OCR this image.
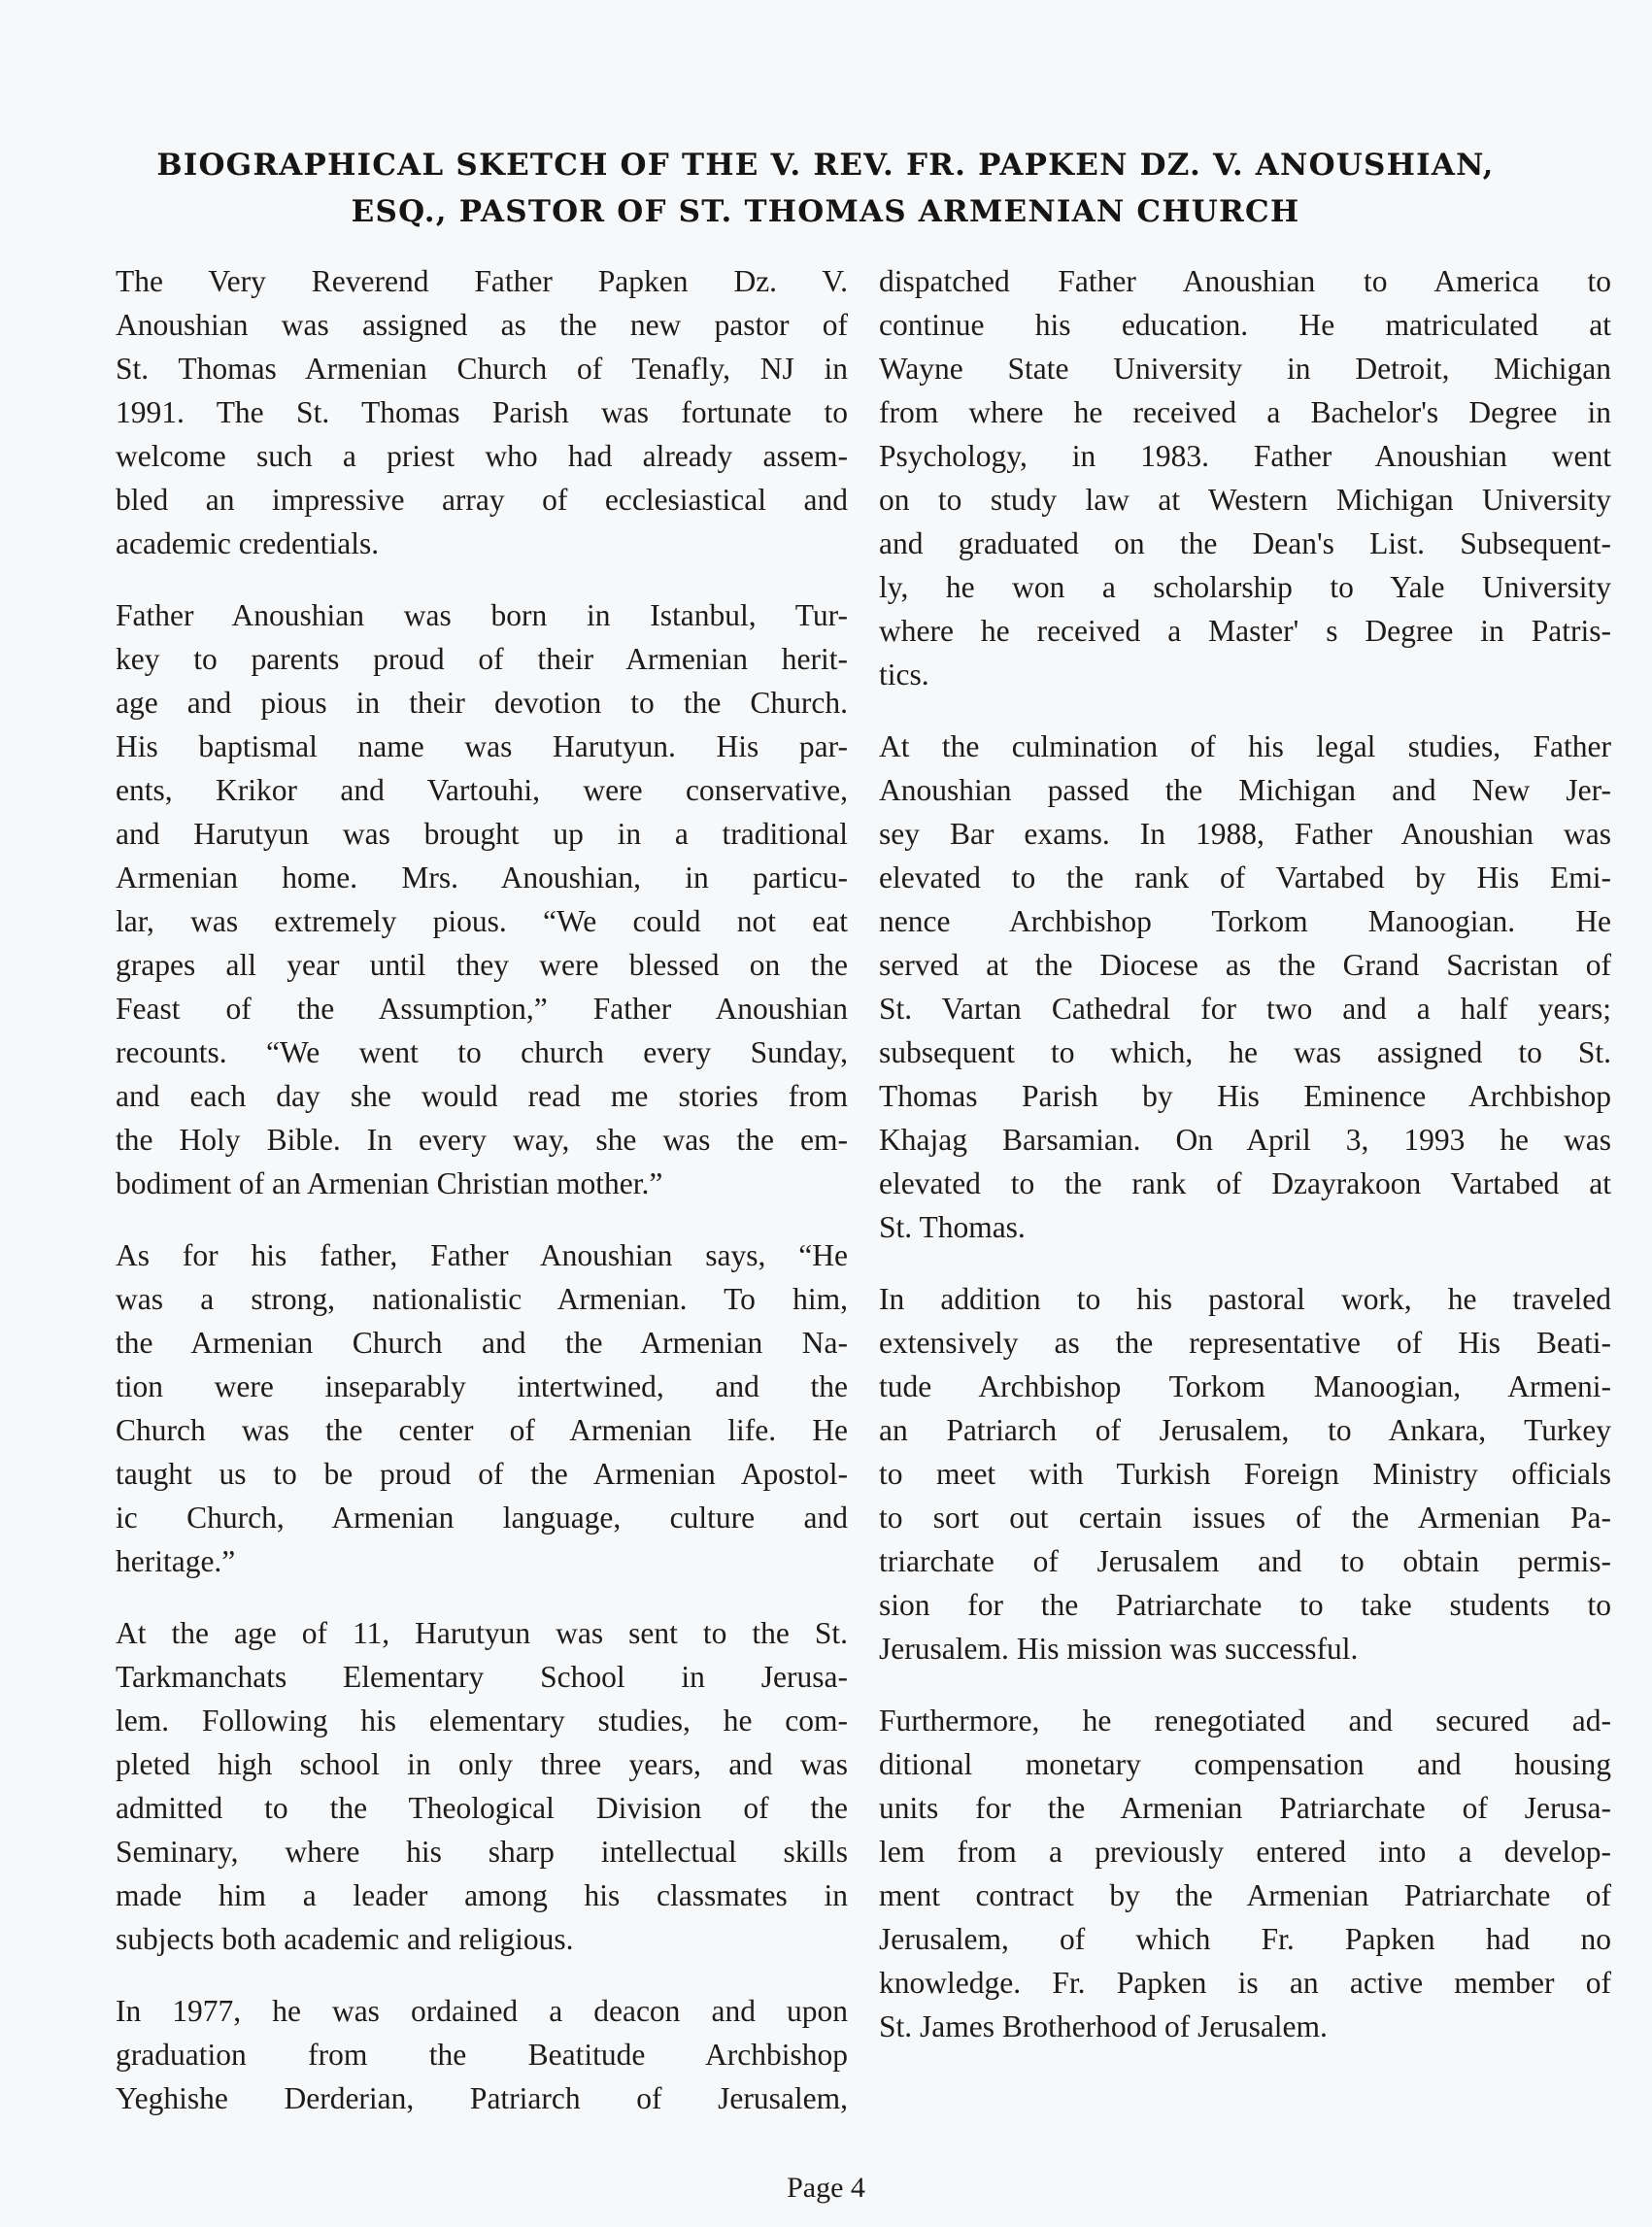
BIOGRAPHICAL SKETCH OF THE V. REV. FR. PAPKEN DZ. V. ANOUSHIAN,
ESQ., PASTOR OF ST. THOMAS ARMENIAN CHURCH
The Very Reverend Father Papken Dz. V.
Anoushian was assigned as the new pastor of
St. Thomas Armenian Church of Tenafly, NJ in
1991. The St. Thomas Parish was fortunate to
welcome such a priest who had already assem-
bled an impressive array of ecclesiastical and
academic credentials.
Father Anoushian was born in Istanbul, Tur-
key to parents proud of their Armenian herit-
age and pious in their devotion to the Church.
His baptismal name was Harutyun. His par-
ents, Krikor and Vartouhi, were conservative,
and Harutyun was brought up in a traditional
Armenian home. Mrs. Anoushian, in particu-
lar, was extremely pious. “We could not eat
grapes all year until they were blessed on the
Feast of the Assumption,” Father Anoushian
recounts. “We went to church every Sunday,
and each day she would read me stories from
the Holy Bible. In every way, she was the em-
bodiment of an Armenian Christian mother.”
As for his father, Father Anoushian says, “He
was a strong, nationalistic Armenian. To him,
the Armenian Church and the Armenian Na-
tion were inseparably intertwined, and the
Church was the center of Armenian life. He
taught us to be proud of the Armenian Apostol-
ic Church, Armenian language, culture and
heritage.”
At the age of 11, Harutyun was sent to the St.
Tarkmanchats Elementary School in Jerusa-
lem. Following his elementary studies, he com-
pleted high school in only three years, and was
admitted to the Theological Division of the
Seminary, where his sharp intellectual skills
made him a leader among his classmates in
subjects both academic and religious.
In 1977, he was ordained a deacon and upon
graduation from the Beatitude Archbishop
Yeghishe Derderian, Patriarch of Jerusalem,
dispatched Father Anoushian to America to
continue his education. He matriculated at
Wayne State University in Detroit, Michigan
from where he received a Bachelor's Degree in
Psychology, in 1983. Father Anoushian went
on to study law at Western Michigan University
and graduated on the Dean's List. Subsequent-
ly, he won a scholarship to Yale University
where he received a Master' s Degree in Patris-
tics.
At the culmination of his legal studies, Father
Anoushian passed the Michigan and New Jer-
sey Bar exams. In 1988, Father Anoushian was
elevated to the rank of Vartabed by His Emi-
nence Archbishop Torkom Manoogian. He
served at the Diocese as the Grand Sacristan of
St. Vartan Cathedral for two and a half years;
subsequent to which, he was assigned to St.
Thomas Parish by His Eminence Archbishop
Khajag Barsamian. On April 3, 1993 he was
elevated to the rank of Dzayrakoon Vartabed at
St. Thomas.
In addition to his pastoral work, he traveled
extensively as the representative of His Beati-
tude Archbishop Torkom Manoogian, Armeni-
an Patriarch of Jerusalem, to Ankara, Turkey
to meet with Turkish Foreign Ministry officials
to sort out certain issues of the Armenian Pa-
triarchate of Jerusalem and to obtain permis-
sion for the Patriarchate to take students to
Jerusalem. His mission was successful.
Furthermore, he renegotiated and secured ad-
ditional monetary compensation and housing
units for the Armenian Patriarchate of Jerusa-
lem from a previously entered into a develop-
ment contract by the Armenian Patriarchate of
Jerusalem, of which Fr. Papken had no
knowledge. Fr. Papken is an active member of
St. James Brotherhood of Jerusalem.
Page 4
